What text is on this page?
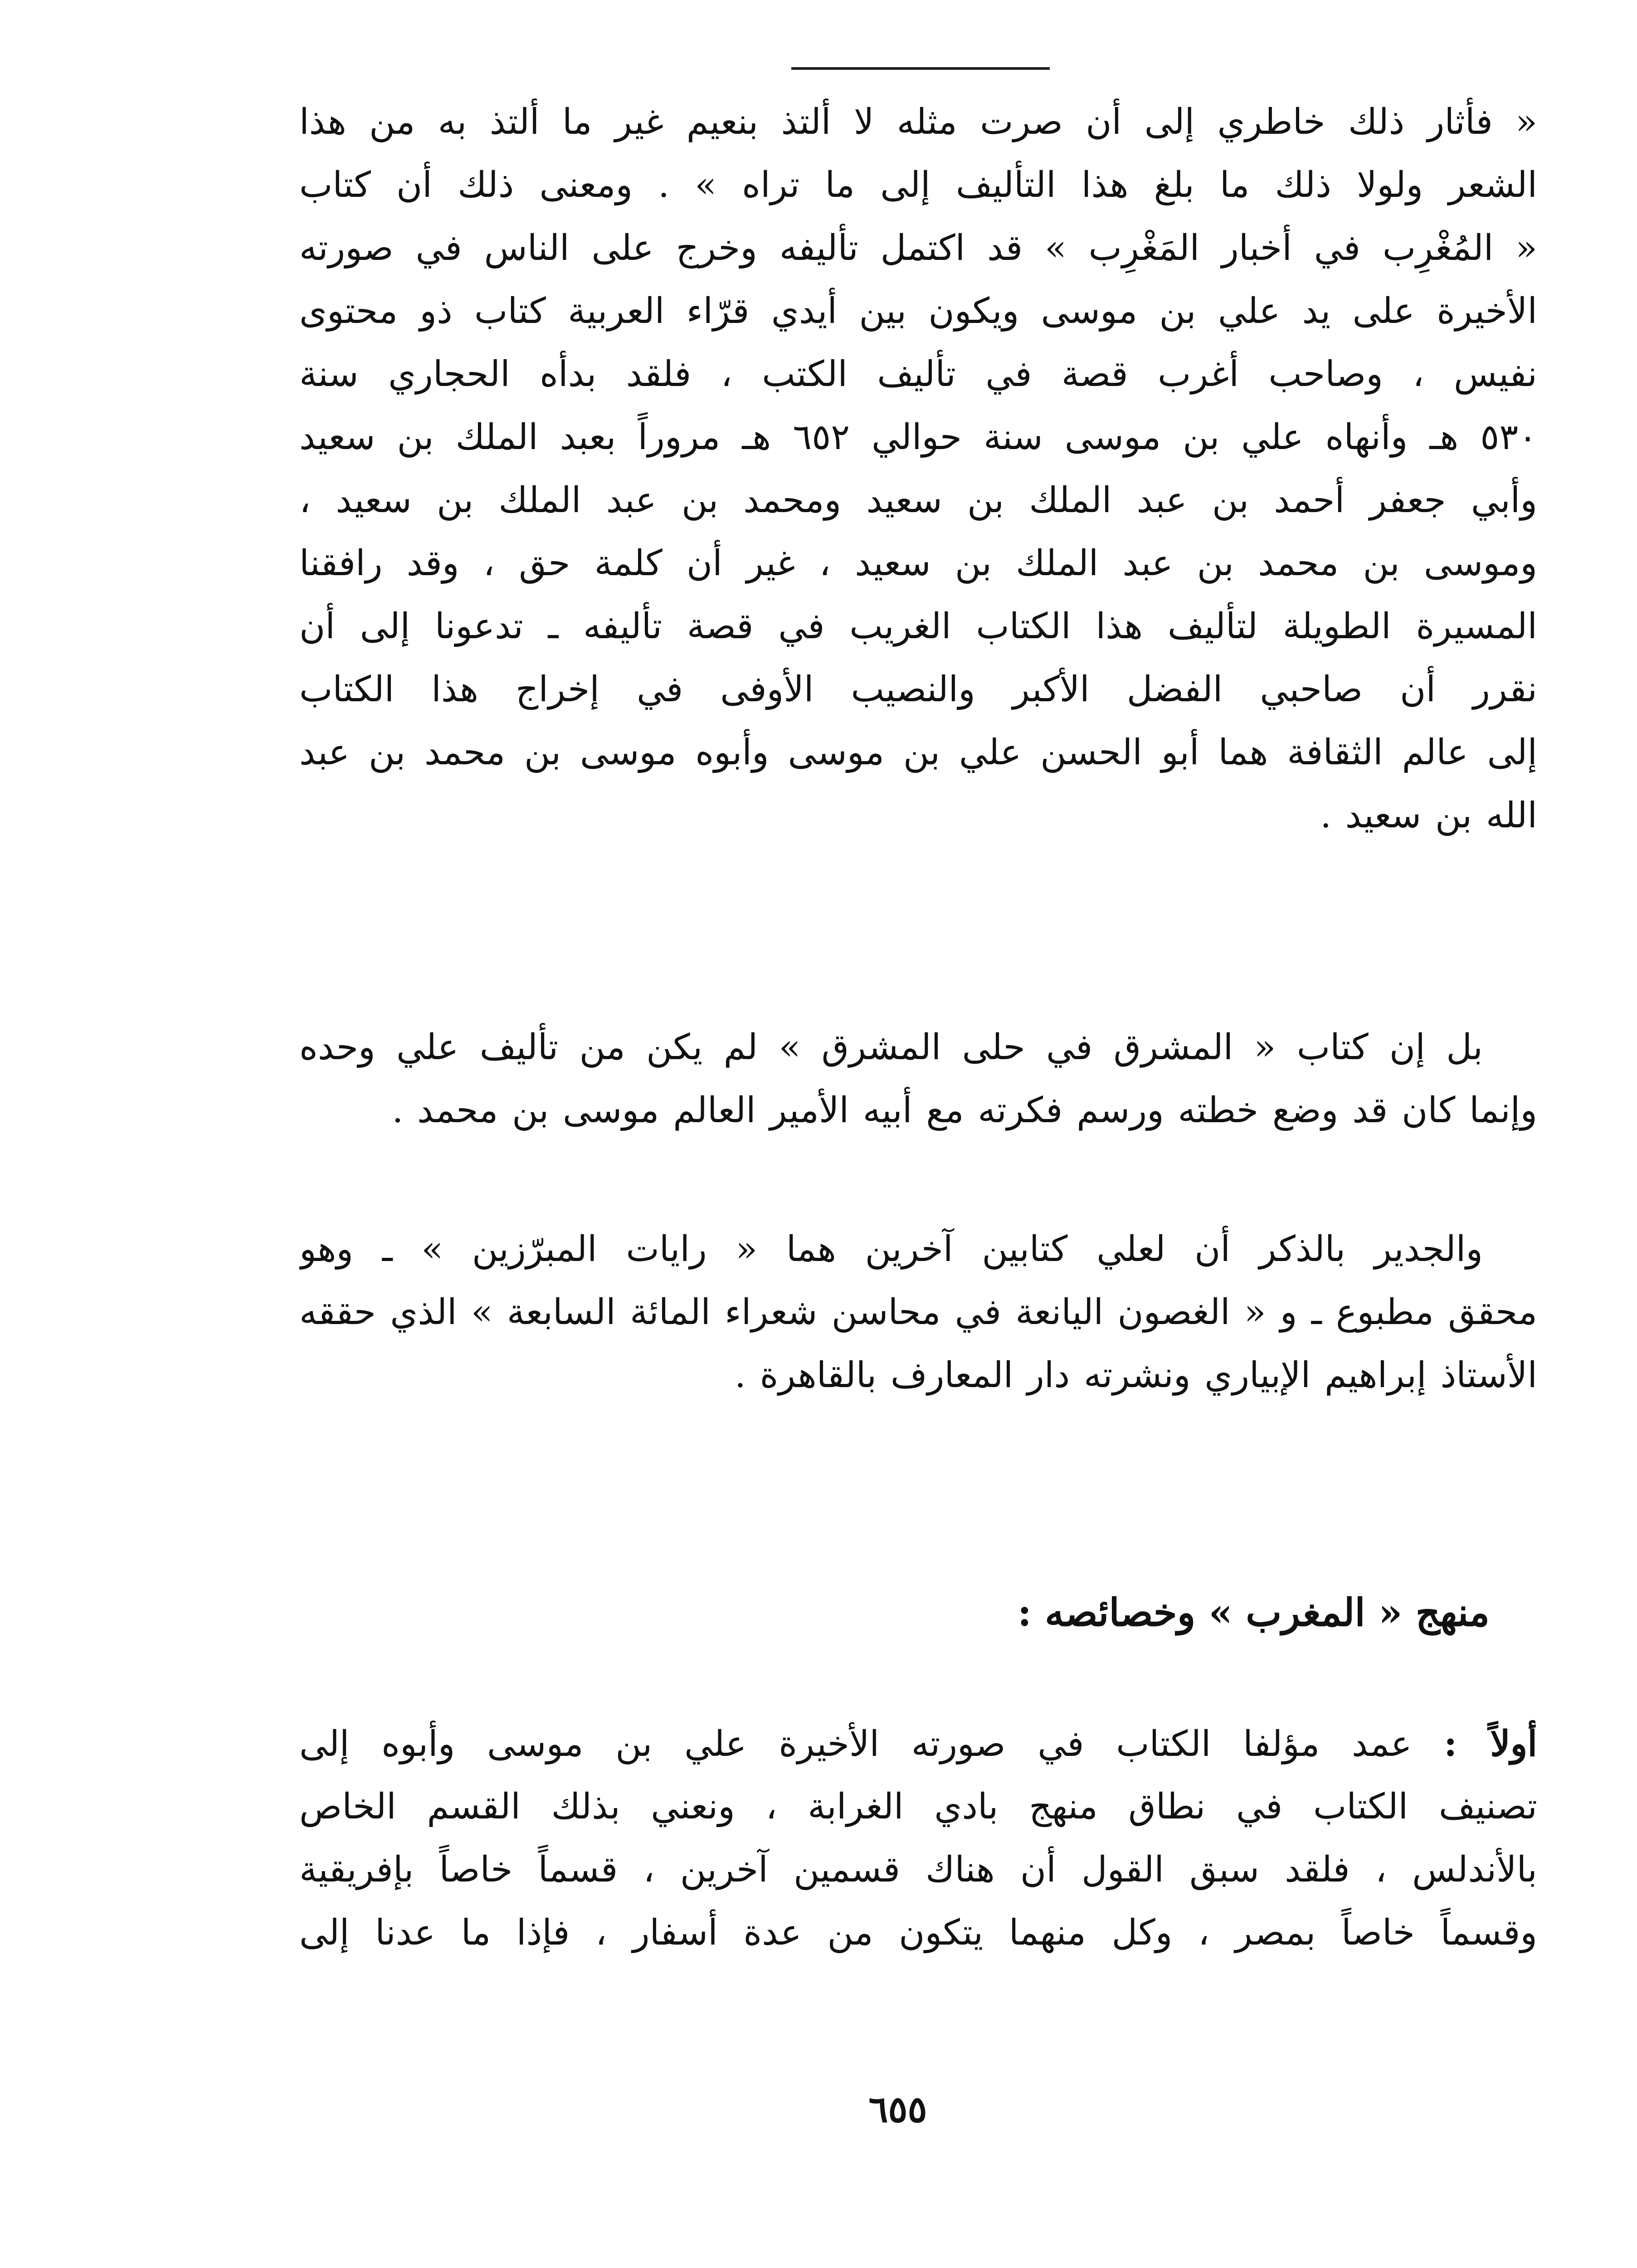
« فأثار ذلك خاطري إلى أن صرت مثله لا ألتذ بنعيم غير ما ألتذ به من هذا
الشعر ولولا ذلك ما بلغ هذا التأليف إلى ما تراه » . ومعنى ذلك أن كتاب
« المُغْرِب في أخبار المَغْرِب » قد اكتمل تأليفه وخرج على الناس في صورته
الأخيرة على يد علي بن موسى ويكون بين أيدي قرّاء العربية كتاب ذو محتوى
نفيس ، وصاحب أغرب قصة في تأليف الكتب ، فلقد بدأه الحجاري سنة
٥٣٠ هـ وأنهاه علي بن موسى سنة حوالي ٦٥٢ هـ مروراً بعبد الملك بن سعيد
وأبي جعفر أحمد بن عبد الملك بن سعيد ومحمد بن عبد الملك بن سعيد ،
وموسى بن محمد بن عبد الملك بن سعيد ، غير أن كلمة حق ، وقد رافقنا
المسيرة الطويلة لتأليف هذا الكتاب الغريب في قصة تأليفه ـ تدعونا إلى أن
نقرر أن صاحبي الفضل الأكبر والنصيب الأوفى في إخراج هذا الكتاب
إلى عالم الثقافة هما أبو الحسن علي بن موسى وأبوه موسى بن محمد بن عبد
الله بن سعيد .
بل إن كتاب « المشرق في حلى المشرق » لم يكن من تأليف علي وحده
وإنما كان قد وضع خطته ورسم فكرته مع أبيه الأمير العالم موسى بن محمد .
والجدير بالذكر أن لعلي كتابين آخرين هما « رايات المبرّزين » ـ وهو
محقق مطبوع ـ و « الغصون اليانعة في محاسن شعراء المائة السابعة » الذي حققه
الأستاذ إبراهيم الإبياري ونشرته دار المعارف بالقاهرة .
منهج « المغرب » وخصائصه :
أولاً : عمد مؤلفا الكتاب في صورته الأخيرة علي بن موسى وأبوه إلى
تصنيف الكتاب في نطاق منهج بادي الغرابة ، ونعني بذلك القسم الخاص
بالأندلس ، فلقد سبق القول أن هناك قسمين آخرين ، قسماً خاصاً بإفريقية
وقسماً خاصاً بمصر ، وكل منهما يتكون من عدة أسفار ، فإذا ما عدنا إلى
٦٥٥
